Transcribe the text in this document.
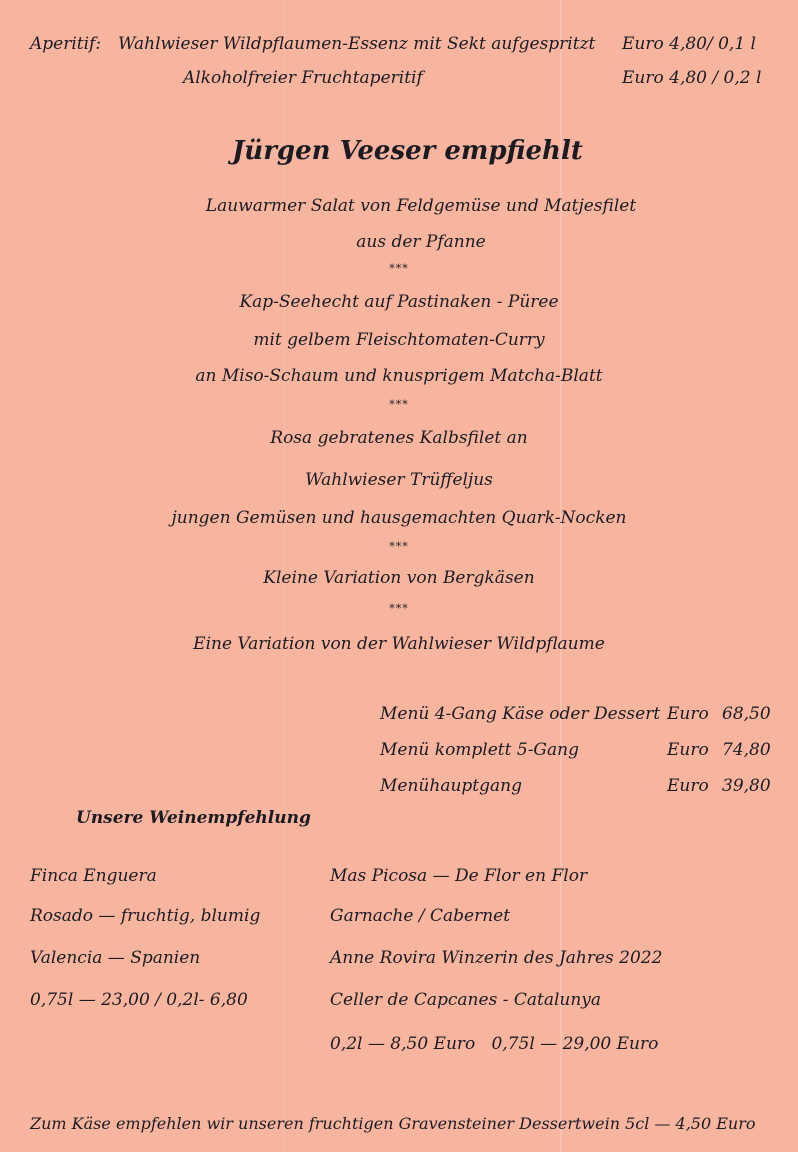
Aperitif: Wahlwieser Wildpflaumen-Essenz mit Sekt aufgespritzt Euro 4,80/ 0,1 l
Alkoholfreier Fruchtaperitif	Euro 4,80 / 0,2 l
Jürgen Veeser empfiehlt
Lauwarmer Salat von Feldgemüse und Matjesfilet
aus der Pfanne
***
Kap-Seehecht auf Pastinaken - Püree
mit gelbem Fleischtomaten-Curry
an Miso-Schaum und knusprigem Matcha-Blatt
***
Rosa gebratenes Kalbsfilet an
Wahlwieser Trüffeljus
jungen Gemüsen und hausgemachten Quark-Nocken
***
Kleine Variation von Bergkäsen
***
Eine Variation von der Wahlwieser Wildpflaume
Menü 4-Gang Käse oder Dessert Euro 68,50
Menü komplett 5-Gang	Euro 74,80
Menühauptgang	Euro 39,80
Unsere Weinempfehlung
Finca Enguera
Rosado — fruchtig, blumig
Valencia — Spanien
0,75l — 23,00 / 0,2l- 6,80
Mas Picosa — De Flor en Flor
Garnache / Cabernet
Anne Rovira Winzerin des Jahres 2022
Celler de Capcanes - Catalunya
0,2l — 8,50 Euro   0,75l — 29,00 Euro
Zum Käse empfehlen wir unseren fruchtigen Gravensteiner Dessertwein 5cl — 4,50 Euro
